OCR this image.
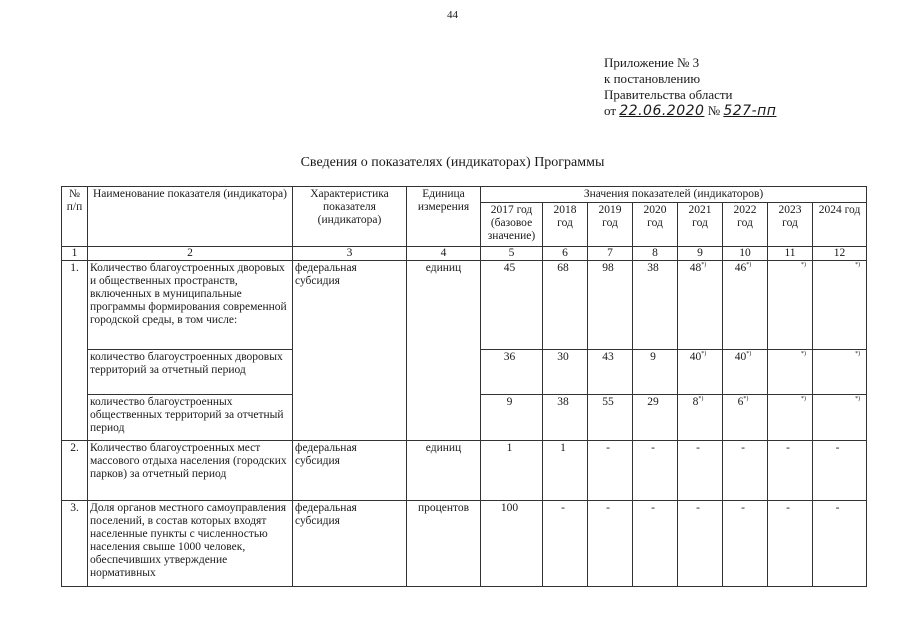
44
Приложение № 3
к постановлению
Правительства области
от 22.06.2020 № 527-пп
Сведения о показателях (индикаторах) Программы
№ п/п	Наименование показателя (индикатора)	Характеристика показателя (индикатора)	Единица измерения	Значения показателей (индикаторов)							
				2017 год (базовое значение)	2018 год	2019 год	2020 год	2021 год	2022 год	2023 год	2024 год
1	2	3	4	5	6	7	8	9	10	11	12
1.	Количество благоустроенных дворовых и общественных пространств, включенных в муниципальные программы формирования современной городской среды, в том числе:	федеральная субсидия	единиц	45	68	98	38	48*)	46*)	*)	*)
	количество благоустроенных дворовых территорий за отчетный период			36	30	43	9	40*)	40*)	*)	*)
	количество благоустроенных общественных территорий за отчетный период			9	38	55	29	8*)	6*)	*)	*)
2.	Количество благоустроенных мест массового отдыха населения (городских парков) за отчетный период	федеральная субсидия	единиц	1	1	-	-	-	-	-	-
3.	Доля органов местного самоуправления поселений, в состав которых входят населенные пункты с численностью населения свыше 1000 человек, обеспечивших утверждение нормативных	федеральная субсидия	процентов	100	-	-	-	-	-	-	-
